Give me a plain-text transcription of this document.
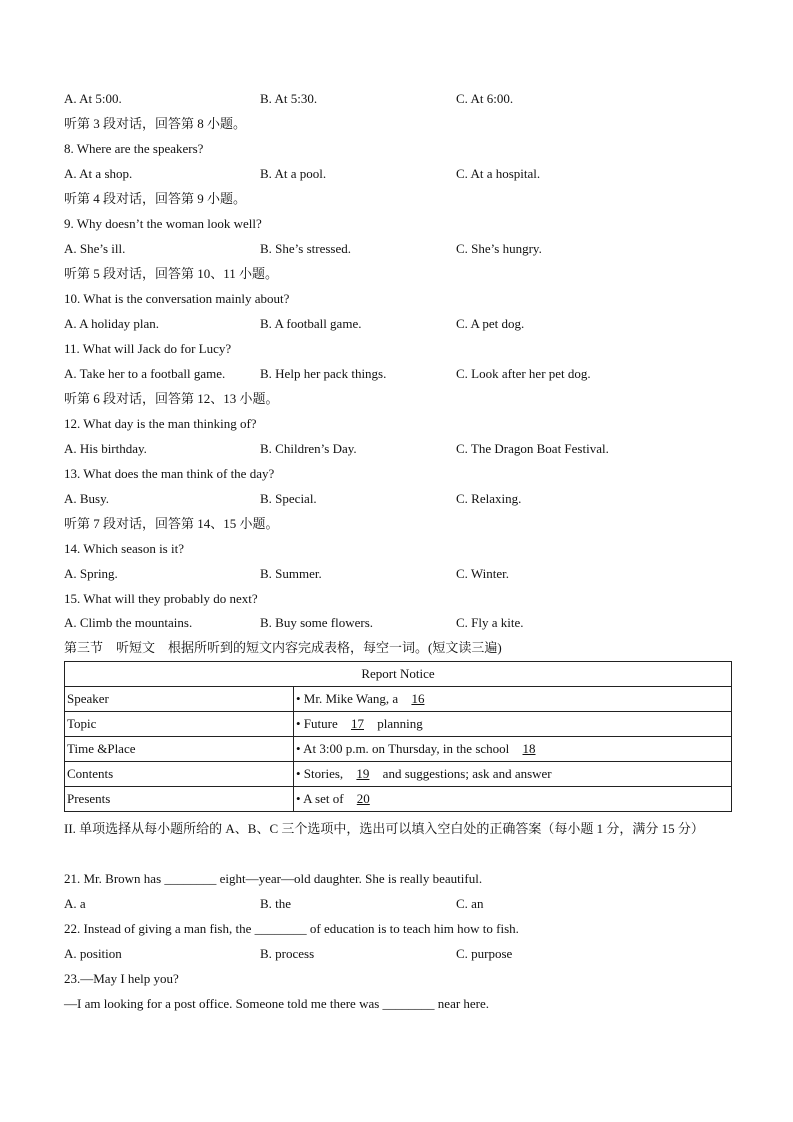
A. At 5:00.	B. At 5:30.	C. At 6:00.
听第 3 段对话，回答第 8 小题。
8. Where are the speakers?
A. At a shop.	B. At a pool.	C. At a hospital.
听第 4 段对话，回答第 9 小题。
9. Why doesn’t the woman look well?
A. She’s ill.	B. She’s stressed.	C. She’s hungry.
听第 5 段对话，回答第 10、11 小题。
10. What is the conversation mainly about?
A. A holiday plan.	B. A football game.	C. A pet dog.
11. What will Jack do for Lucy?
A. Take her to a football game.	B. Help her pack things.	C. Look after her pet dog.
听第 6 段对话，回答第 12、13 小题。
12. What day is the man thinking of?
A. His birthday.	B. Children’s Day.	C. The Dragon Boat Festival.
13. What does the man think of the day?
A. Busy.	B. Special.	C. Relaxing.
听第 7 段对话，回答第 14、15 小题。
14. Which season is it?
A. Spring.	B. Summer.	C. Winter.
15. What will they probably do next?
A. Climb the mountains.	B. Buy some flowers.	C. Fly a kite.
第三节　听短文　根据所听到的短文内容完成表格，每空一词。(短文读三遍)
Report Notice	
Speaker	• Mr. Mike Wang, a 16
Topic	• Future 17 planning
Time &Place	• At 3:00 p.m. on Thursday, in the school 18
Contents	• Stories, 19 and suggestions; ask and answer
Presents	• A set of 20
II. 单项选择从每小题所给的 A、B、C 三个选项中，选出可以填入空白处的正确答案（每小题 1 分，满分 15 分）
21. Mr. Brown has ________ eight—year—old daughter. She is really beautiful.
A. a	B. the	C. an
22. Instead of giving a man fish, the ________ of education is to teach him how to fish.
A. position	B. process	C. purpose
23.—May I help you?
—I am looking for a post office. Someone told me there was ________ near here.
